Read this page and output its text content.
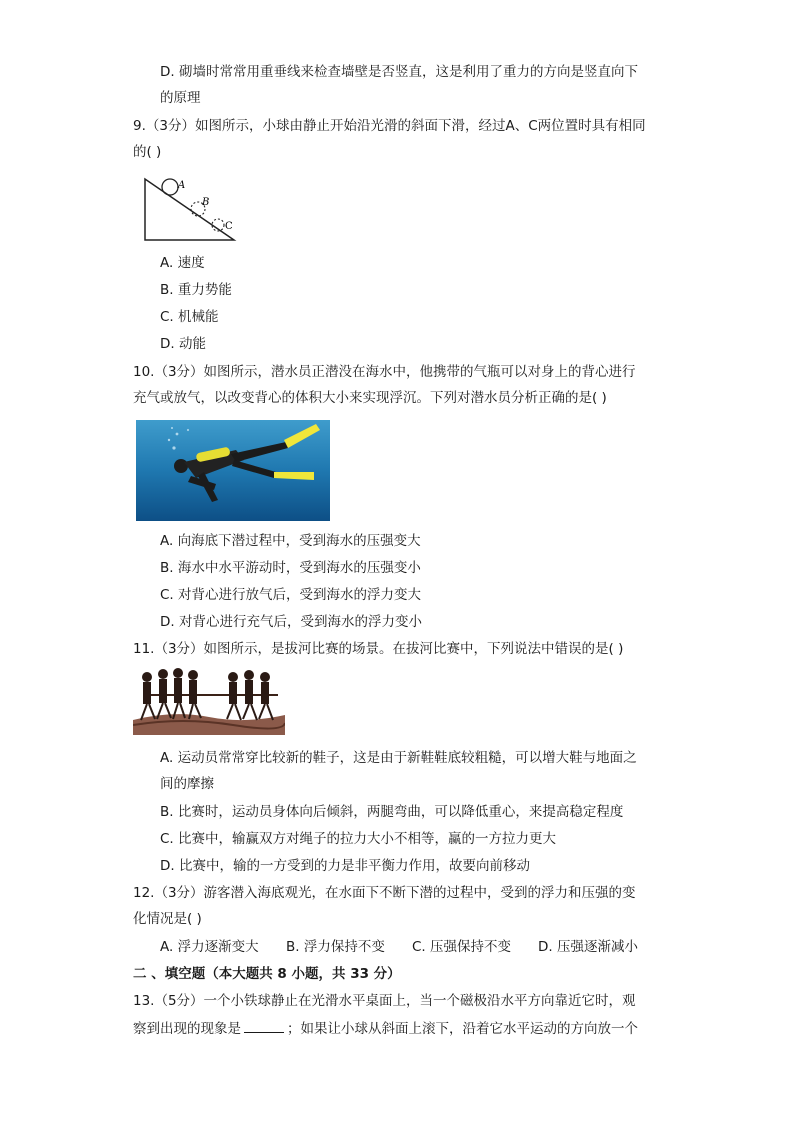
D. 砌墙时常常用重垂线来检查墙壁是否竖直，这是利用了重力的方向是竖直向下
的原理
9.（3分）如图所示，小球由静止开始沿光滑的斜面下滑，经过A、C两位置时具有相同
的( )
A
B
C
A. 速度
B. 重力势能
C. 机械能
D. 动能
10.（3分）如图所示，潜水员正潜没在海水中，他携带的气瓶可以对身上的背心进行
充气或放气，以改变背心的体积大小来实现浮沉。下列对潜水员分析正确的是( )
A. 向海底下潜过程中，受到海水的压强变大
B. 海水中水平游动时，受到海水的压强变小
C. 对背心进行放气后，受到海水的浮力变大
D. 对背心进行充气后，受到海水的浮力变小
11.（3分）如图所示，是拔河比赛的场景。在拔河比赛中，下列说法中错误的是( )
A. 运动员常常穿比较新的鞋子，这是由于新鞋鞋底较粗糙，可以增大鞋与地面之
间的摩擦
B. 比赛时，运动员身体向后倾斜，两腿弯曲，可以降低重心，来提高稳定程度
C. 比赛中，输赢双方对绳子的拉力大小不相等，赢的一方拉力更大
D. 比赛中，输的一方受到的力是非平衡力作用，故要向前移动
12.（3分）游客潜入海底观光，在水面下不断下潜的过程中，受到的浮力和压强的变
化情况是( )
A. 浮力逐渐变大 B. 浮力保持不变 C. 压强保持不变 D. 压强逐渐减小
二 、填空题（本大题共 8 小题，共 33 分）
13.（5分）一个小铁球静止在光滑水平桌面上，当一个磁极沿水平方向靠近它时，观
察到出现的现象是	；如果让小球从斜面上滚下，沿着它水平运动的方向放一个
